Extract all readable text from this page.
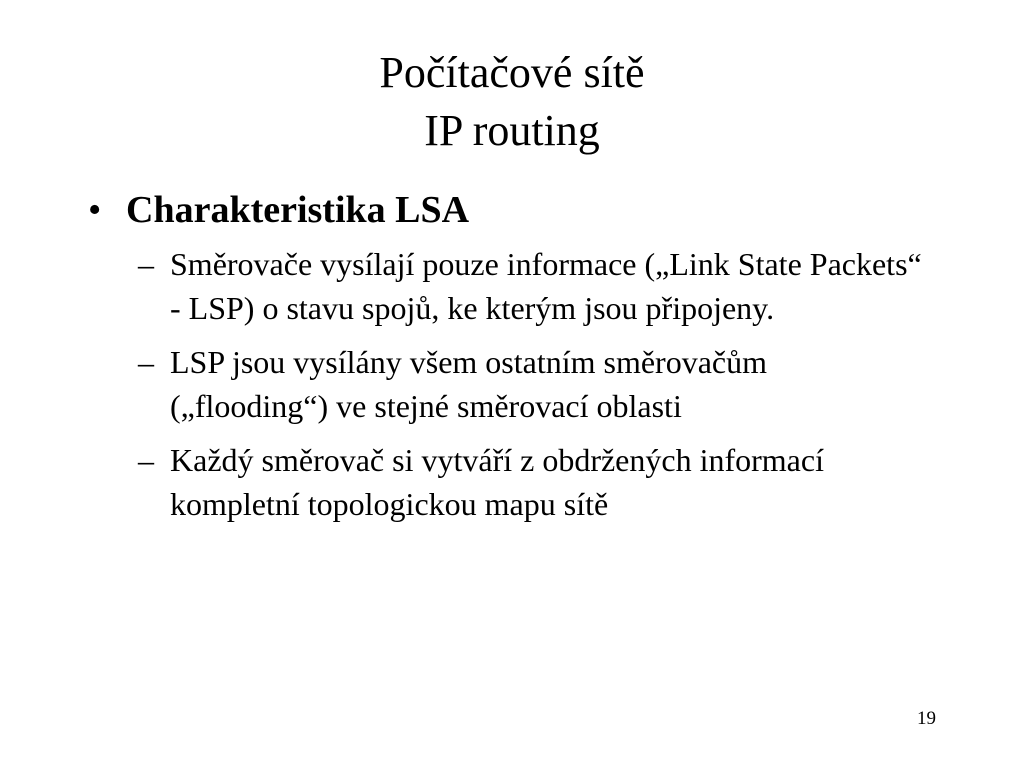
Počítačové sítě
IP routing
• Charakteristika LSA
– Směrovače vysílají pouze informace („Link State Packets“ - LSP) o stavu spojů, ke kterým jsou připojeny.
– LSP jsou vysílány všem ostatním směrovačům („flooding“) ve stejné směrovací oblasti
– Každý směrovač si vytváří z obdržených informací kompletní topologickou mapu sítě
19
